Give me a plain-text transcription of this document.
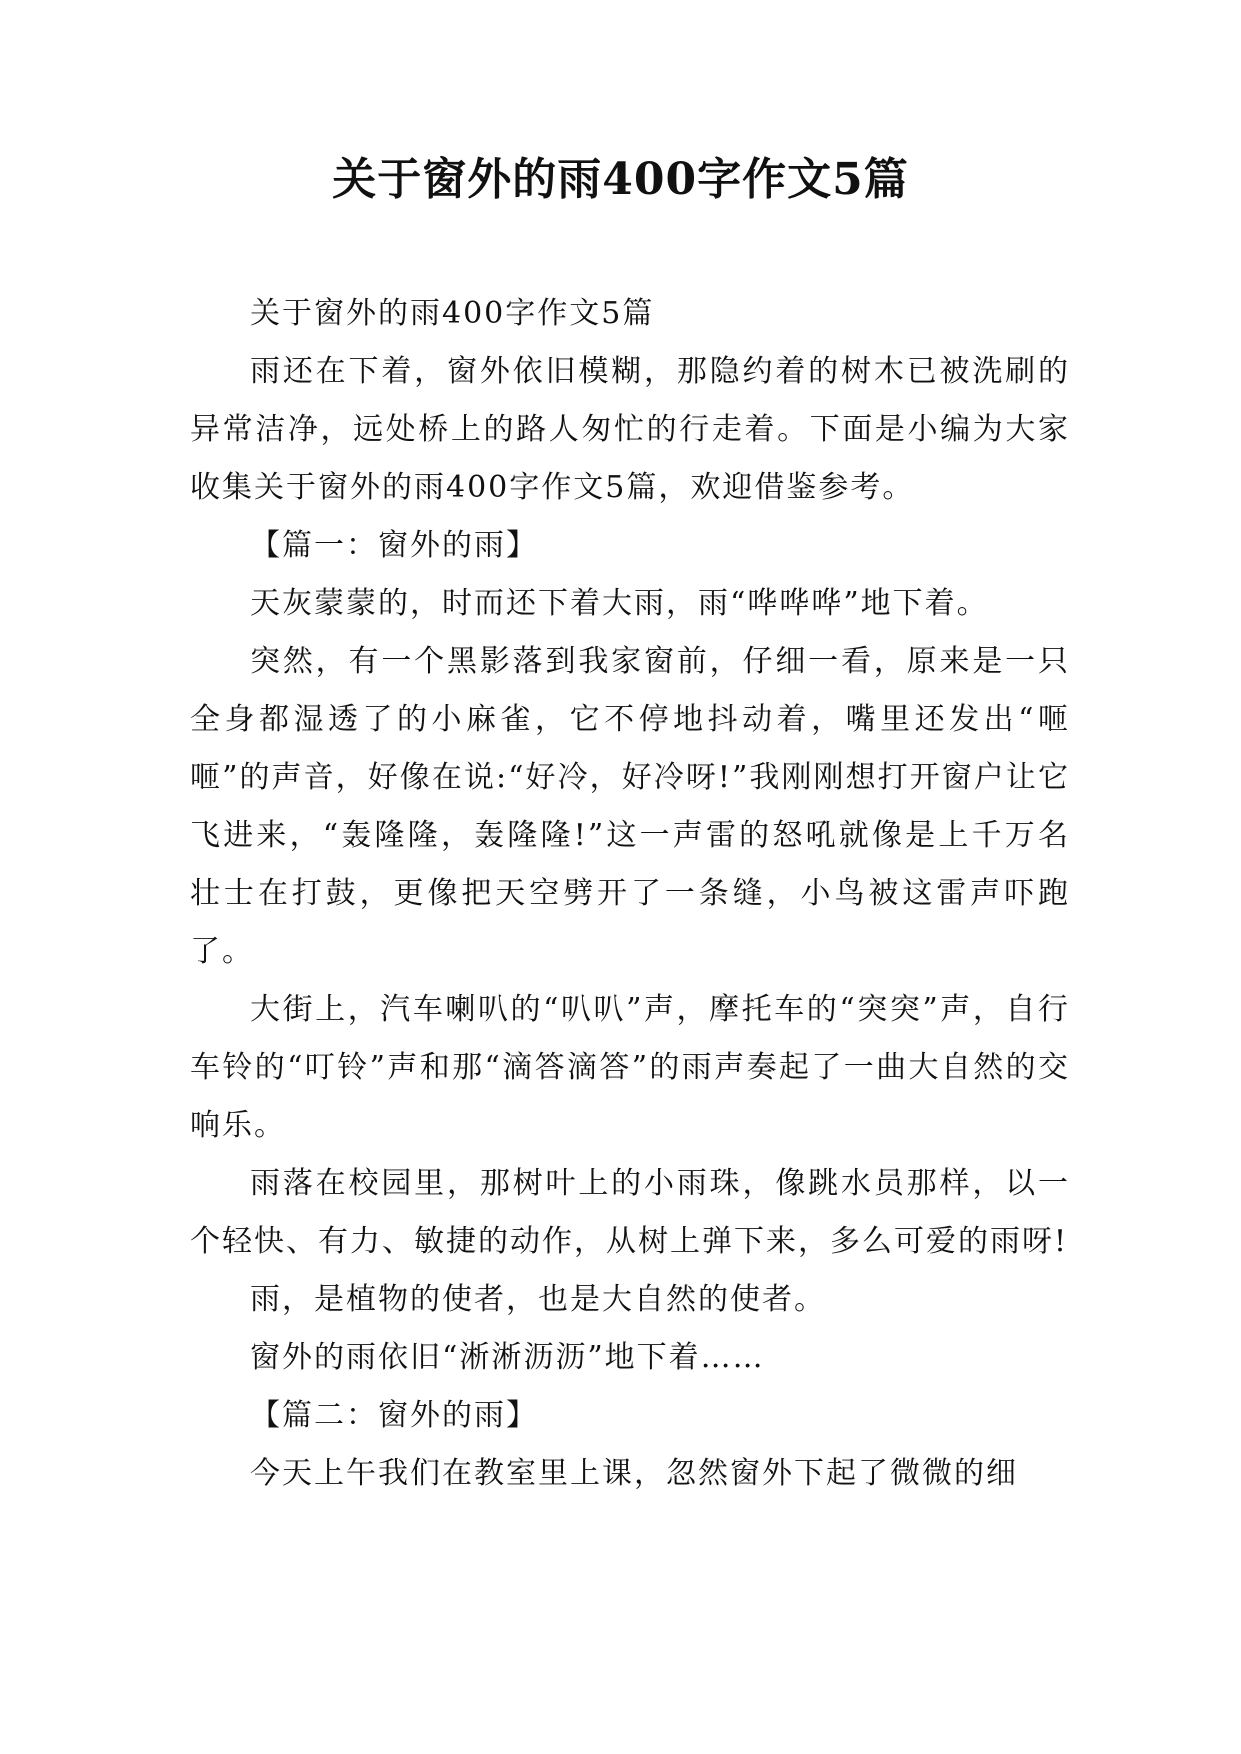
关于窗外的雨400字作文5篇

关于窗外的雨400字作文5篇

雨还在下着，窗外依旧模糊，那隐约着的树木已被洗刷的异常洁净，远处桥上的路人匆忙的行走着。下面是小编为大家收集关于窗外的雨400字作文5篇，欢迎借鉴参考。

【篇一：窗外的雨】

天灰蒙蒙的，时而还下着大雨，雨“哗哗哗”地下着。

突然，有一个黑影落到我家窗前，仔细一看，原来是一只全身都湿透了的小麻雀，它不停地抖动着，嘴里还发出“咂咂”的声音，好像在说:“好冷，好冷呀!”我刚刚想打开窗户让它飞进来，“轰隆隆，轰隆隆!”这一声雷的怒吼就像是上千万名壮士在打鼓，更像把天空劈开了一条缝，小鸟被这雷声吓跑了。

大街上，汽车喇叭的“叭叭”声，摩托车的“突突”声，自行车铃的“叮铃”声和那“滴答滴答”的雨声奏起了一曲大自然的交响乐。

雨落在校园里，那树叶上的小雨珠，像跳水员那样，以一个轻快、有力、敏捷的动作，从树上弹下来，多么可爱的雨呀!

雨，是植物的使者，也是大自然的使者。

窗外的雨依旧“淅淅沥沥”地下着……

【篇二：窗外的雨】

今天上午我们在教室里上课，忽然窗外下起了微微的细
